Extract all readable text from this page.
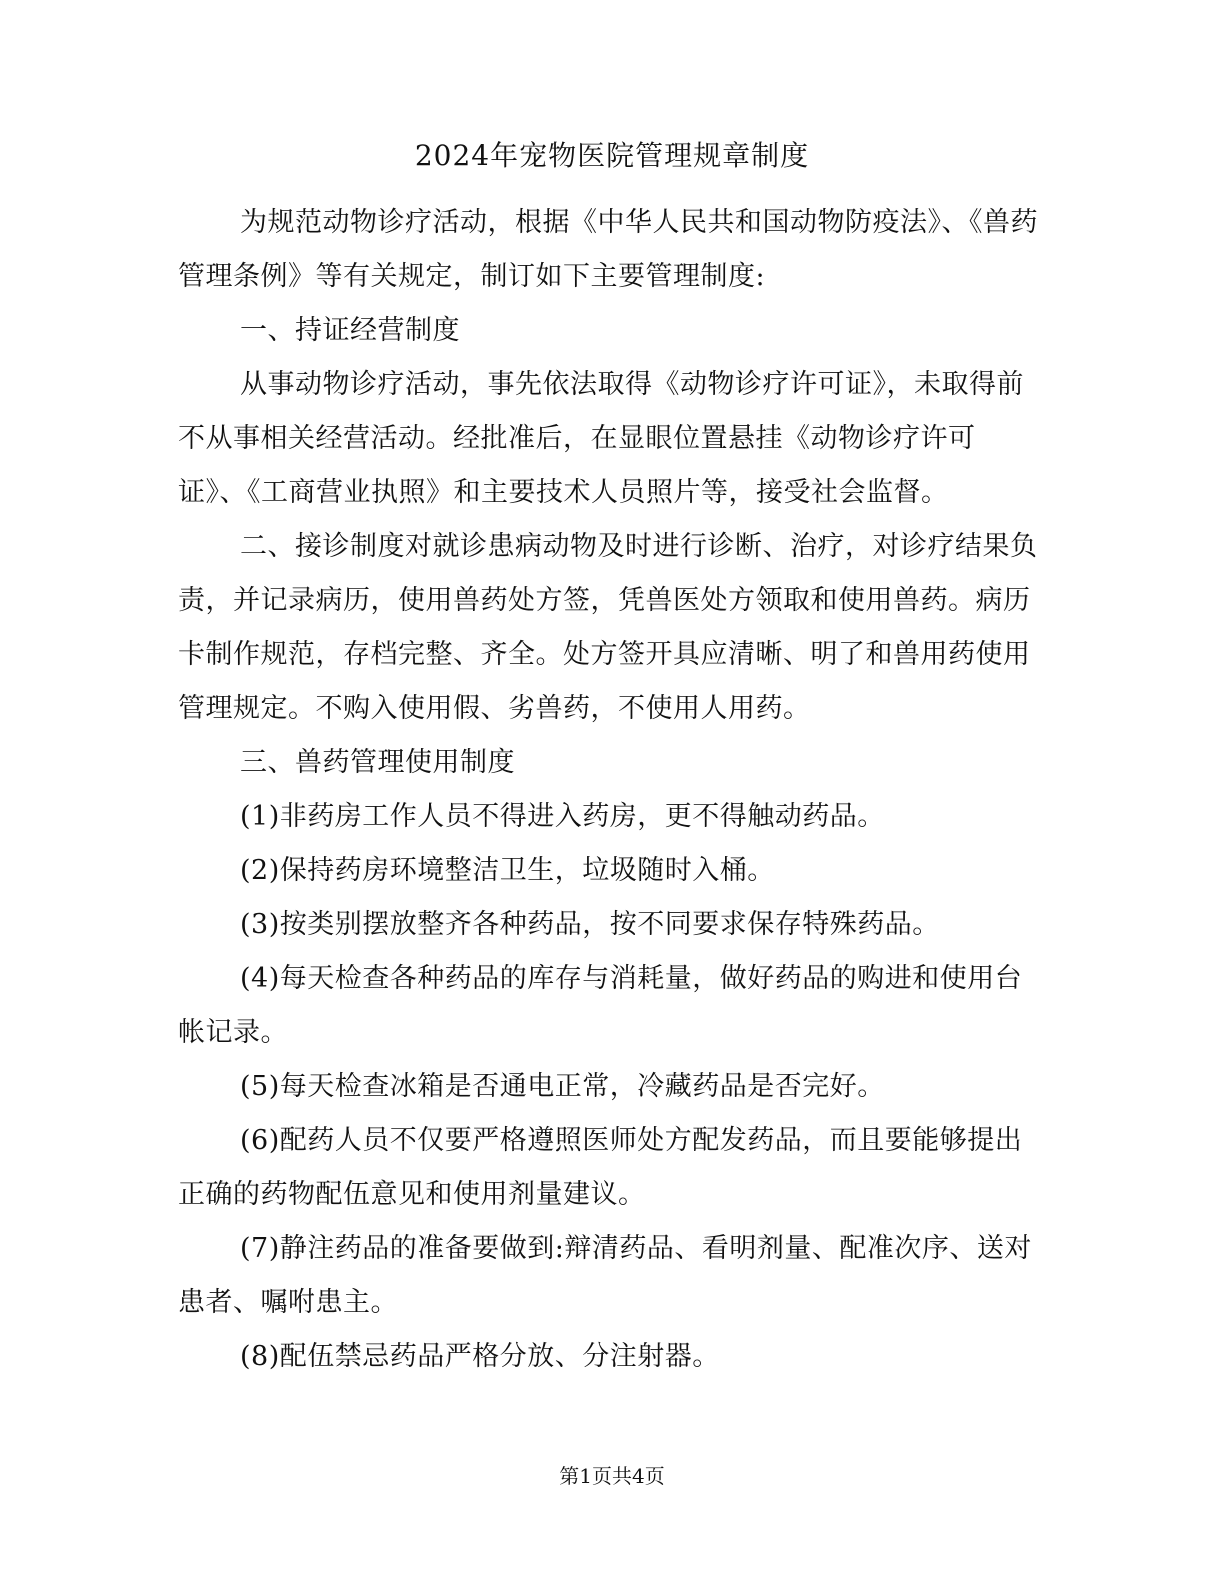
2024年宠物医院管理规章制度

为规范动物诊疗活动，根据《中华人民共和国动物防疫法》、《兽药管理条例》等有关规定，制订如下主要管理制度:

一、持证经营制度

从事动物诊疗活动，事先依法取得《动物诊疗许可证》，未取得前不从事相关经营活动。经批准后，在显眼位置悬挂《动物诊疗许可证》、《工商营业执照》和主要技术人员照片等，接受社会监督。

二、接诊制度对就诊患病动物及时进行诊断、治疗，对诊疗结果负责，并记录病历，使用兽药处方签，凭兽医处方领取和使用兽药。病历卡制作规范，存档完整、齐全。处方签开具应清晰、明了和兽用药使用管理规定。不购入使用假、劣兽药，不使用人用药。

三、兽药管理使用制度

(1)非药房工作人员不得进入药房，更不得触动药品。

(2)保持药房环境整洁卫生，垃圾随时入桶。

(3)按类别摆放整齐各种药品，按不同要求保存特殊药品。

(4)每天检查各种药品的库存与消耗量，做好药品的购进和使用台帐记录。

(5)每天检查冰箱是否通电正常，冷藏药品是否完好。

(6)配药人员不仅要严格遵照医师处方配发药品，而且要能够提出正确的药物配伍意见和使用剂量建议。

(7)静注药品的准备要做到:辩清药品、看明剂量、配准次序、送对患者、嘱咐患主。

(8)配伍禁忌药品严格分放、分注射器。

第1页共4页
